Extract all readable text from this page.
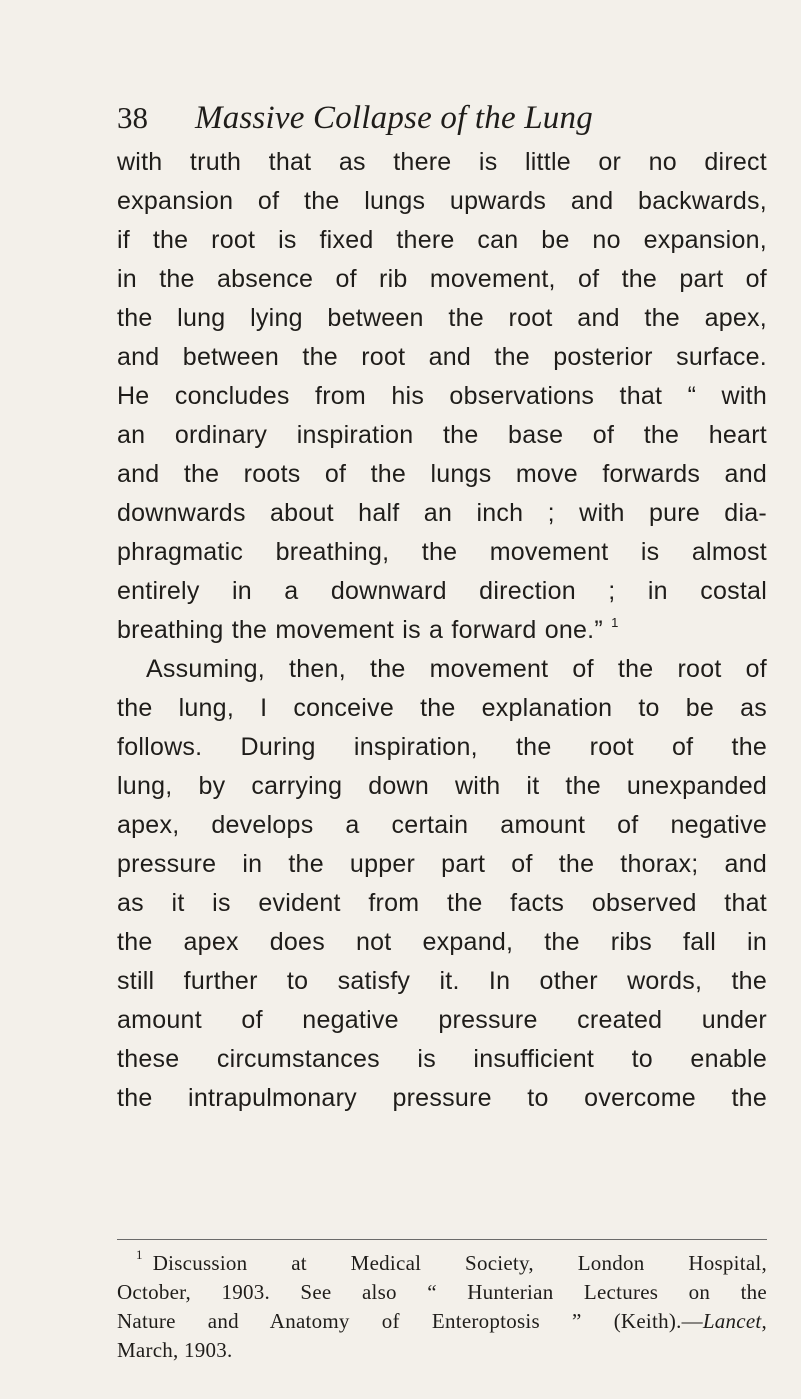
38 Massive Collapse of the Lung
with truth that as there is little or no direct
expansion of the lungs upwards and backwards,
if the root is fixed there can be no expansion,
in the absence of rib movement, of the part of
the lung lying between the root and the apex,
and between the root and the posterior surface.
He concludes from his observations that “ with
an ordinary inspiration the base of the heart
and the roots of the lungs move forwards and
downwards about half an inch ; with pure dia-
phragmatic breathing, the movement is almost
entirely in a downward direction ; in costal
breathing the movement is a forward one.” $^1$
Assuming, then, the movement of the root of
the lung, I conceive the explanation to be as
follows. During inspiration, the root of the
lung, by carrying down with it the unexpanded
apex, develops a certain amount of negative
pressure in the upper part of the thorax; and
as it is evident from the facts observed that
the apex does not expand, the ribs fall in
still further to satisfy it. In other words, the
amount of negative pressure created under
these circumstances is insufficient to enable
the intrapulmonary pressure to overcome the
$^1$ Discussion at Medical Society, London Hospital,
October, 1903. See also “ Hunterian Lectures on the
Nature and Anatomy of Enteroptosis ” (Keith).—Lancet,
March, 1903.
